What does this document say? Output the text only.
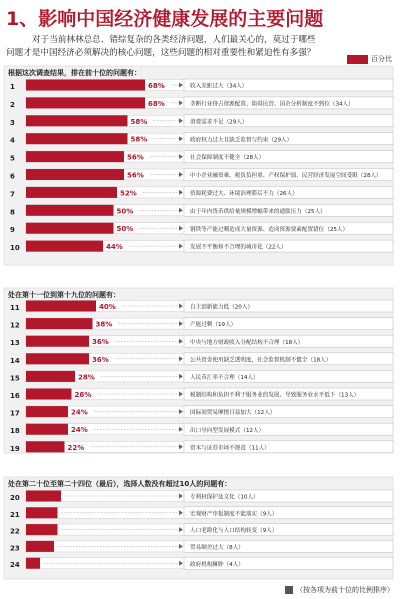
1、影响中国经济健康发展的主要问题
对于当前林林总总、错综复杂的各类经济问题，人们最关心的，莫过于哪些问题才是中国经济必须解决的核心问题，这些问题的相对重要性和紧迫性有多强？
百分比
根据这次调查结果，排在前十位的问题有：
1	68%	收入差距过大（34人）
2	68%	垄断行业挤占资源配置、阻碍民营、国企分析制度不到位（34人）
3	58%	消费需求不足（29人）
4	58%	政府权力过大且缺乏监督与约束（29人）
5	56%	社会保障制度不健全（28人）
6	56%	中小企业融资难、税负负担重、产权保护弱、民营经济发展空间受限（28人）
7	52%	资源耗费过大、环境治理滞后不力（26人）
8	50%	由于年内货币供给量规模增幅带来的通胀压力（25人）
9	50%	钢铁等产能过剩造成大量资源、造成资源要素配置错位（25人）
10	44%	发展不平衡和不合理的城市化（22人）
处在第十一位到第十九位的问题有：
11	40%	自主创新能力低（20人）
12	38%	产能过剩（19人）
13	36%	中央与地方财政收入分配结构不合理（18人）
14	36%	公共资金使用缺乏透明度，社会监督机制不健全（18人）
15	28%	人民币汇率不合理（14人）
16	26%	税制结构和负担不利于服务业的发展、导致服务业水平低下（13人）
17	24%	国际间贸易摩擦日益加大（12人）
18	24%	出口导向型发展模式（12人）
19	22%	资本与证券市场不规范（11人）
处在第二十位至第二十四位（最后），选择人数没有超过10人的问题有：
20	专利权保护及文化（10人）
21	宏观财产申报制度不能落实（9人）
22	人口老龄化与人口结构转变（9人）
23	贸易顺差过大（8人）
24	政府机构臃肿（4人）
（按各项为前十位的比例排序）
